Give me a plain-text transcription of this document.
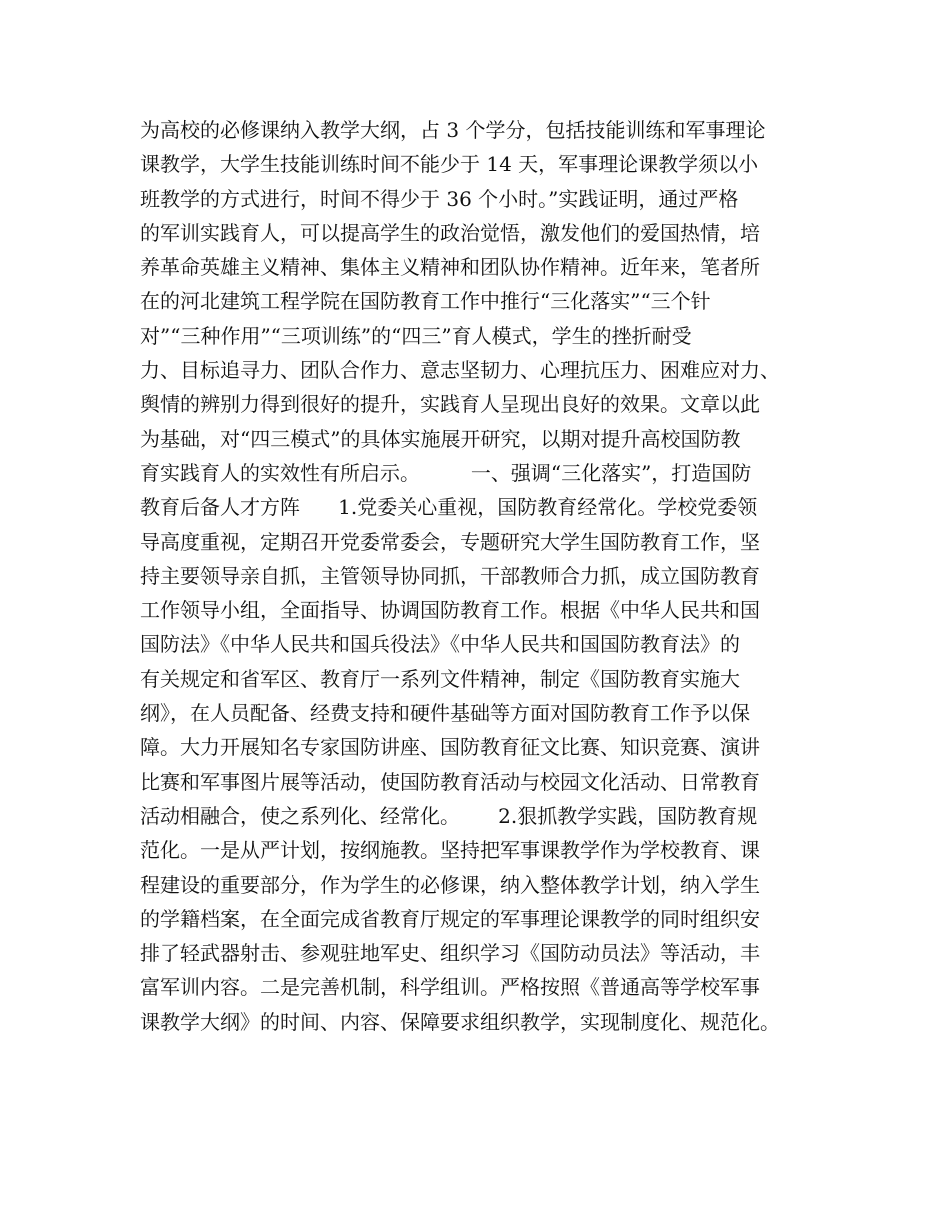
为高校的必修课纳入教学大纲，占 3 个学分，包括技能训练和军事理论
课教学，大学生技能训练时间不能少于 14 天，军事理论课教学须以小
班教学的方式进行，时间不得少于 36 个小时。”实践证明，通过严格
的军训实践育人，可以提高学生的政治觉悟，激发他们的爱国热情，培
养革命英雄主义精神、集体主义精神和团队协作精神。近年来，笔者所
在的河北建筑工程学院在国防教育工作中推行“三化落实”“三个针
对”“三种作用”“三项训练”的“四三”育人模式，学生的挫折耐受
力、目标追寻力、团队合作力、意志坚韧力、心理抗压力、困难应对力、
舆情的辨别力得到很好的提升，实践育人呈现出良好的效果。文章以此
为基础，对“四三模式”的具体实施展开研究，以期对提升高校国防教
育实践育人的实效性有所启示。        一、强调“三化落实”，打造国防
教育后备人才方阵      1.党委关心重视，国防教育经常化。学校党委领
导高度重视，定期召开党委常委会，专题研究大学生国防教育工作，坚
持主要领导亲自抓，主管领导协同抓，干部教师合力抓，成立国防教育
工作领导小组，全面指导、协调国防教育工作。根据《中华人民共和国
国防法》《中华人民共和国兵役法》《中华人民共和国国防教育法》的
有关规定和省军区、教育厅一系列文件精神，制定《国防教育实施大
纲》，在人员配备、经费支持和硬件基础等方面对国防教育工作予以保
障。大力开展知名专家国防讲座、国防教育征文比赛、知识竞赛、演讲
比赛和军事图片展等活动，使国防教育活动与校园文化活动、日常教育
活动相融合，使之系列化、经常化。      2.狠抓教学实践，国防教育规
范化。一是从严计划，按纲施教。坚持把军事课教学作为学校教育、课
程建设的重要部分，作为学生的必修课，纳入整体教学计划，纳入学生
的学籍档案，在全面完成省教育厅规定的军事理论课教学的同时组织安
排了轻武器射击、参观驻地军史、组织学习《国防动员法》等活动，丰
富军训内容。二是完善机制，科学组训。严格按照《普通高等学校军事
课教学大纲》的时间、内容、保障要求组织教学，实现制度化、规范化。
